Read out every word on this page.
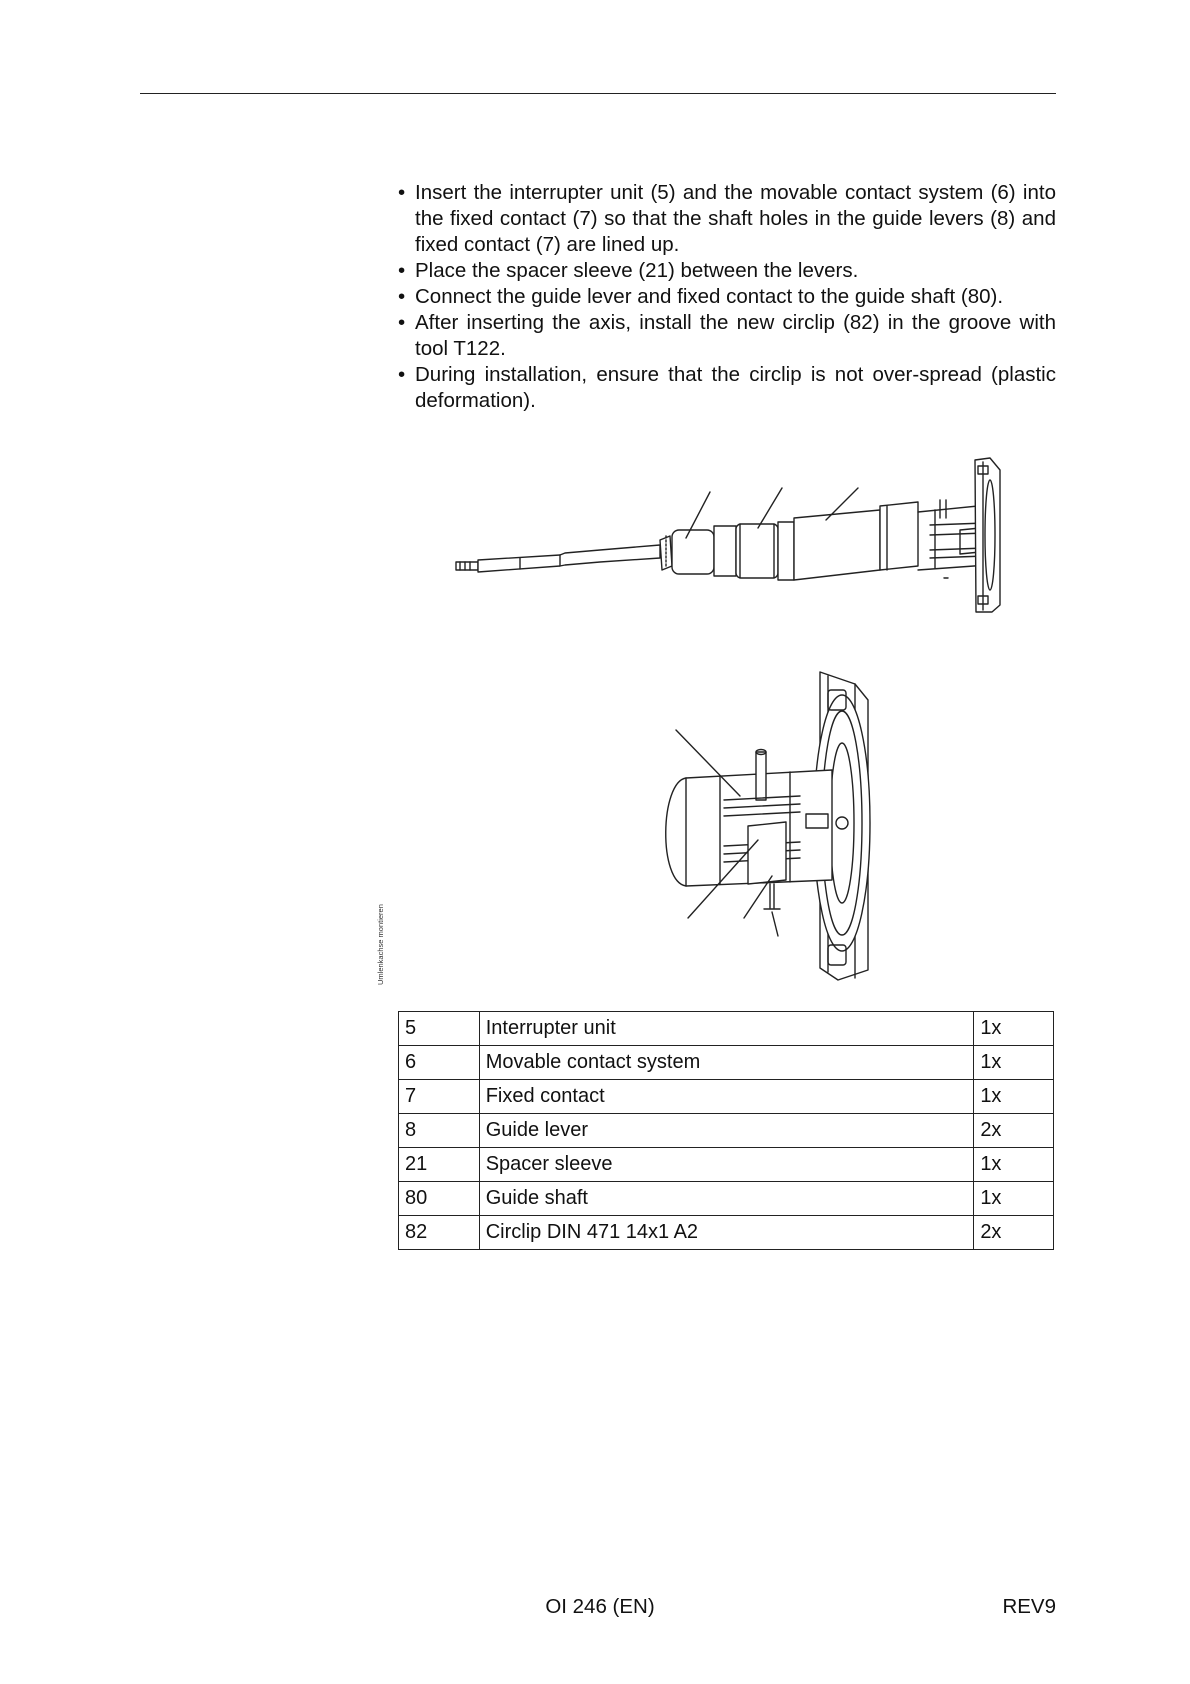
• Insert the interrupter unit (5) and the movable contact system (6) into the fixed contact (7) so that the shaft holes in the guide levers (8) and fixed contact (7) are lined up.
• Place the spacer sleeve (21) between the levers.
• Connect the guide lever and fixed contact to the guide shaft (80).
• After inserting the axis, install the new circlip (82) in the groove with tool T122.
• During installation, ensure that the circlip is not over-spread (plastic deformation).
Umlenkachse montieren
5	Interrupter unit	1x
6	Movable contact system	1x
7	Fixed contact	1x
8	Guide lever	2x
21	Spacer sleeve	1x
80	Guide shaft	1x
82	Circlip DIN 471 14x1 A2	2x
OI 246 (EN)	REV9
